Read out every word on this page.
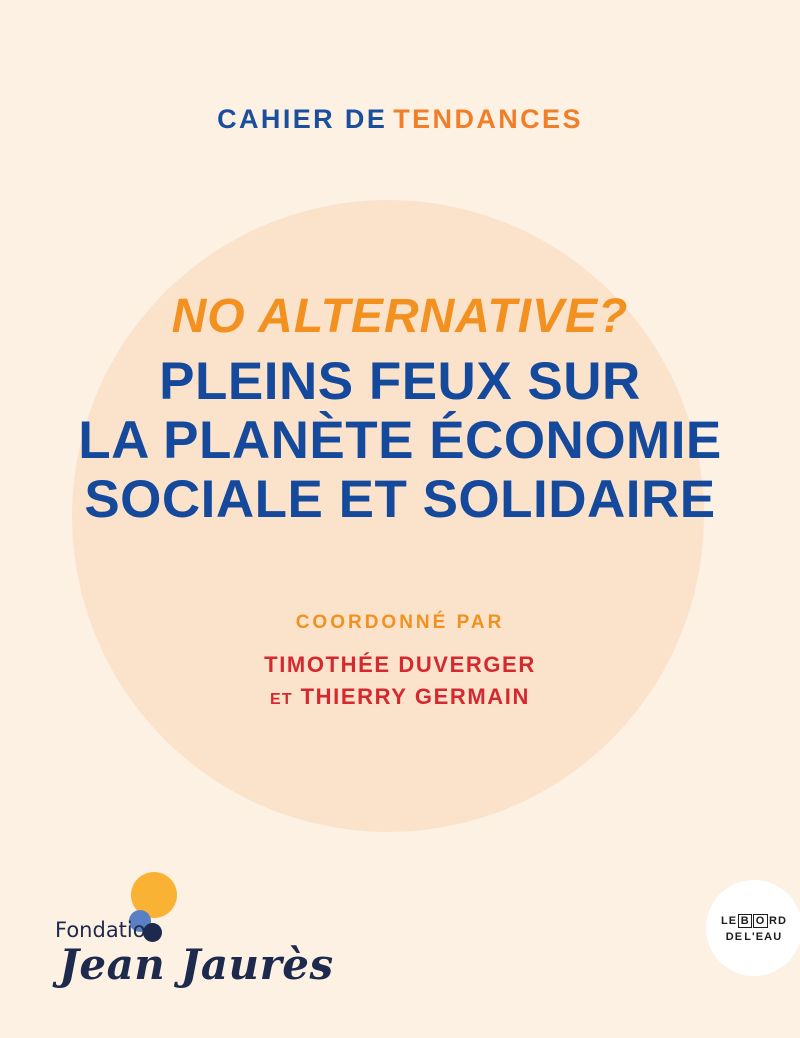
CAHIER DE TENDANCES
NO ALTERNATIVE?
PLEINS FEUX SUR
LA PLANÈTE ÉCONOMIE
SOCIALE ET SOLIDAIRE
COORDONNÉ PAR
TIMOTHÉE DUVERGER
ET THIERRY GERMAIN
Fondation
Jean Jaurès
LE B O RD
DE L'EAU
